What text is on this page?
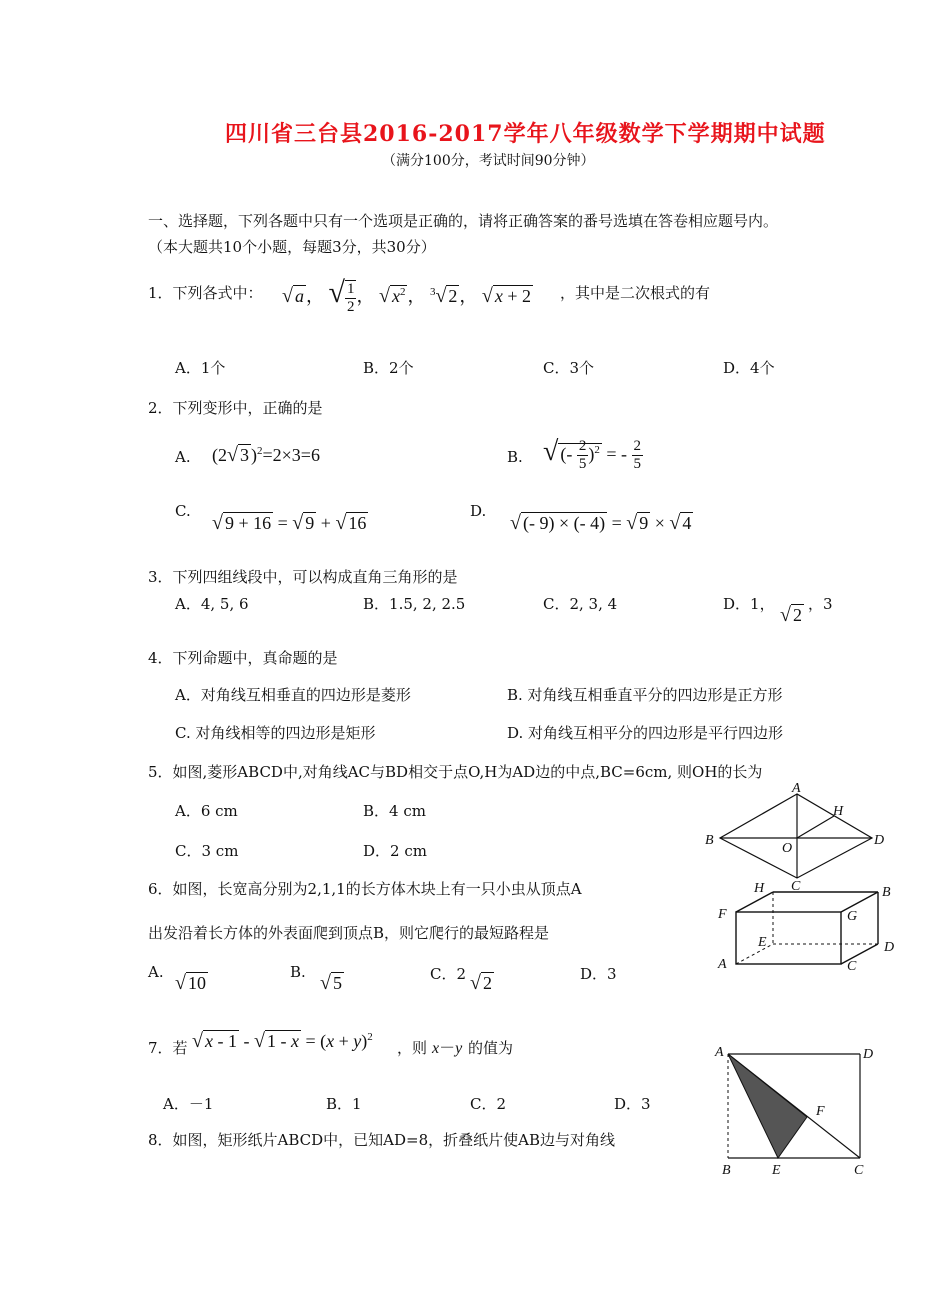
四川省三台县2016-2017学年八年级数学下学期期中试题
（满分100分，考试时间90分钟）
一、选择题，下列各题中只有一个选项是正确的，请将正确答案的番号选填在答卷相应题号内。
（本大题共10个小题，每题3分，共30分）
1．下列各式中： √ a ， √ $\frac{1}{2}$ ， √ $x^2$ ， $^3$√ 2 ， √ x + 2 ，其中是二次根式的有
A．1个	B．2个	C．3个	D．4个
2．下列变形中，正确的是
A. (2√ 3 )$^2$=2×3=6	B. √ (- $\frac{2}{5} )^2$ = - $\frac{2}{5}$
C.
√ 9 + 16 = √ 9 + √ 16
D.
√ (- 9) × (- 4) = √ 9 × √ 4
3．下列四组线段中，可以构成直角三角形的是
A．4, 5, 6	B．1.5, 2, 2.5	C．2, 3, 4	D．1， √ 2
，3
4．下列命题中，真命题的是
A．对角线互相垂直的四边形是菱形	B. 对角线互相垂直平分的四边形是正方形
C. 对角线相等的四边形是矩形	D. 对角线互相平分的四边形是平行四边形
5．如图,菱形ABCD中,对角线AC与BD相交于点O,H为AD边的中点,BC=6cm, 则OH的长为
A．6 cm	B．4 cm
C．3 cm	D．2 cm
A
H
B
O
D
C
6．如图，长宽高分别为2,1,1的长方体木块上有一只小虫从顶点A
出发沿着长方体的外表面爬到顶点B，则它爬行的最短路程是
A. √ 10
B. √ 5	C．2 √ 2	D．3
H	B
F	G
E	D
A	C
7．若 √ x - 1 - √ $1 - x = (x + y)^2$
，则 x－y 的值为
A．－1	B．1	C．2	D．3
8．如图，矩形纸片ABCD中，已知AD=8，折叠纸片使AB边与对角线
A	D
F
B	E	C
